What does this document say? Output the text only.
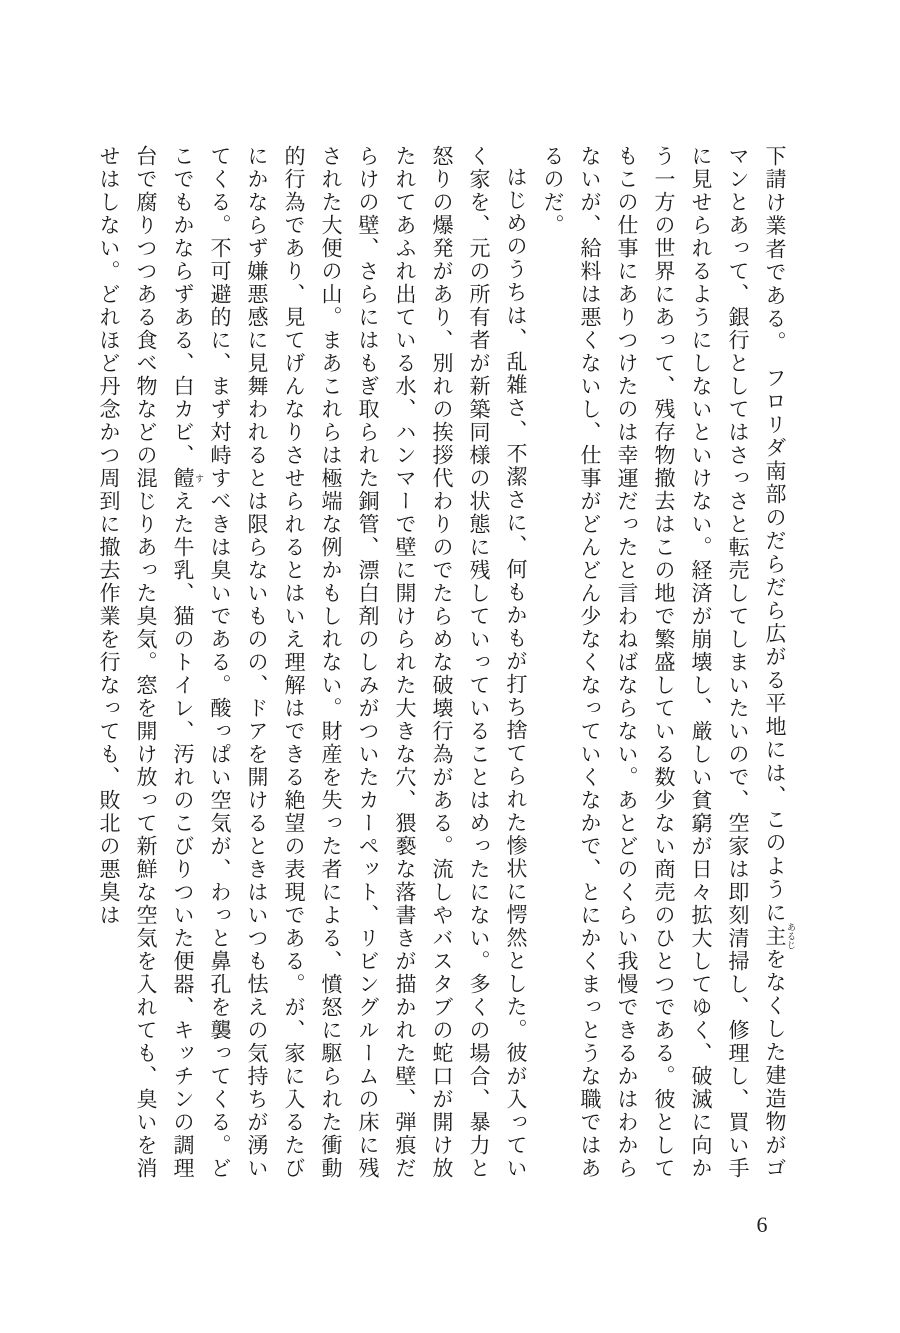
下請け業者である。　フロリダ南部のだらだら広がる平地には、このように主 あるじをなくした建造物がゴマンとあって、銀行としてはさっさと転売してしまいたいので、空家は即刻清掃し、修理し、買い手に見せられるようにしないといけない。経済が崩壊し、厳しい貧窮が日々拡大してゆく、破滅に向かう一方の世界にあって、残存物撤去はこの地で繁盛している数少ない商売のひとつである。彼としてもこの仕事にありつけたのは幸運だったと言わねばならない。あとどのくらい我慢できるかはわからないが、給料は悪くないし、仕事がどんどん少なくなっていくなかで、とにかくまっとうな職ではあるのだ。

はじめのうちは、乱雑さ、不潔さに、何もかもが打ち捨てられた惨状に愕然とした。彼が入っていく家を、元の所有者が新築同様の状態に残していっていることはめったにない。多くの場合、暴力と怒りの爆発があり、別れの挨拶代わりのでたらめな破壊行為がある。流しやバスタブの蛇口が開け放たれてあふれ出ている水、ハンマーで壁に開けられた大きな穴、猥褻な落書きが描かれた壁、弾痕だらけの壁、さらにはもぎ取られた銅管、漂白剤のしみがついたカーペット、リビングルームの床に残された大便の山。まあこれらは極端な例かもしれない。財産を失った者による、憤怒に駆られた衝動的行為であり、見てげんなりさせられるとはいえ理解はできる絶望の表現である。が、家に入るたびにかならず嫌悪感に見舞われるとは限らないものの、ドアを開けるときはいつも怯えの気持ちが湧いてくる。不可避的に、まず対峙すべきは臭いである。酸っぱい空気が、わっと鼻孔を襲ってくる。どこでもかならずある、白カビ、饐 すえた牛乳、猫のトイレ、汚れのこびりついた便器、キッチンの調理台で腐りつつある食べ物などの混じりあった臭気。窓を開け放って新鮮な空気を入れても、臭いを消せはしない。どれほど丹念かつ周到に撤去作業を行なっても、敗北の悪臭は

6
